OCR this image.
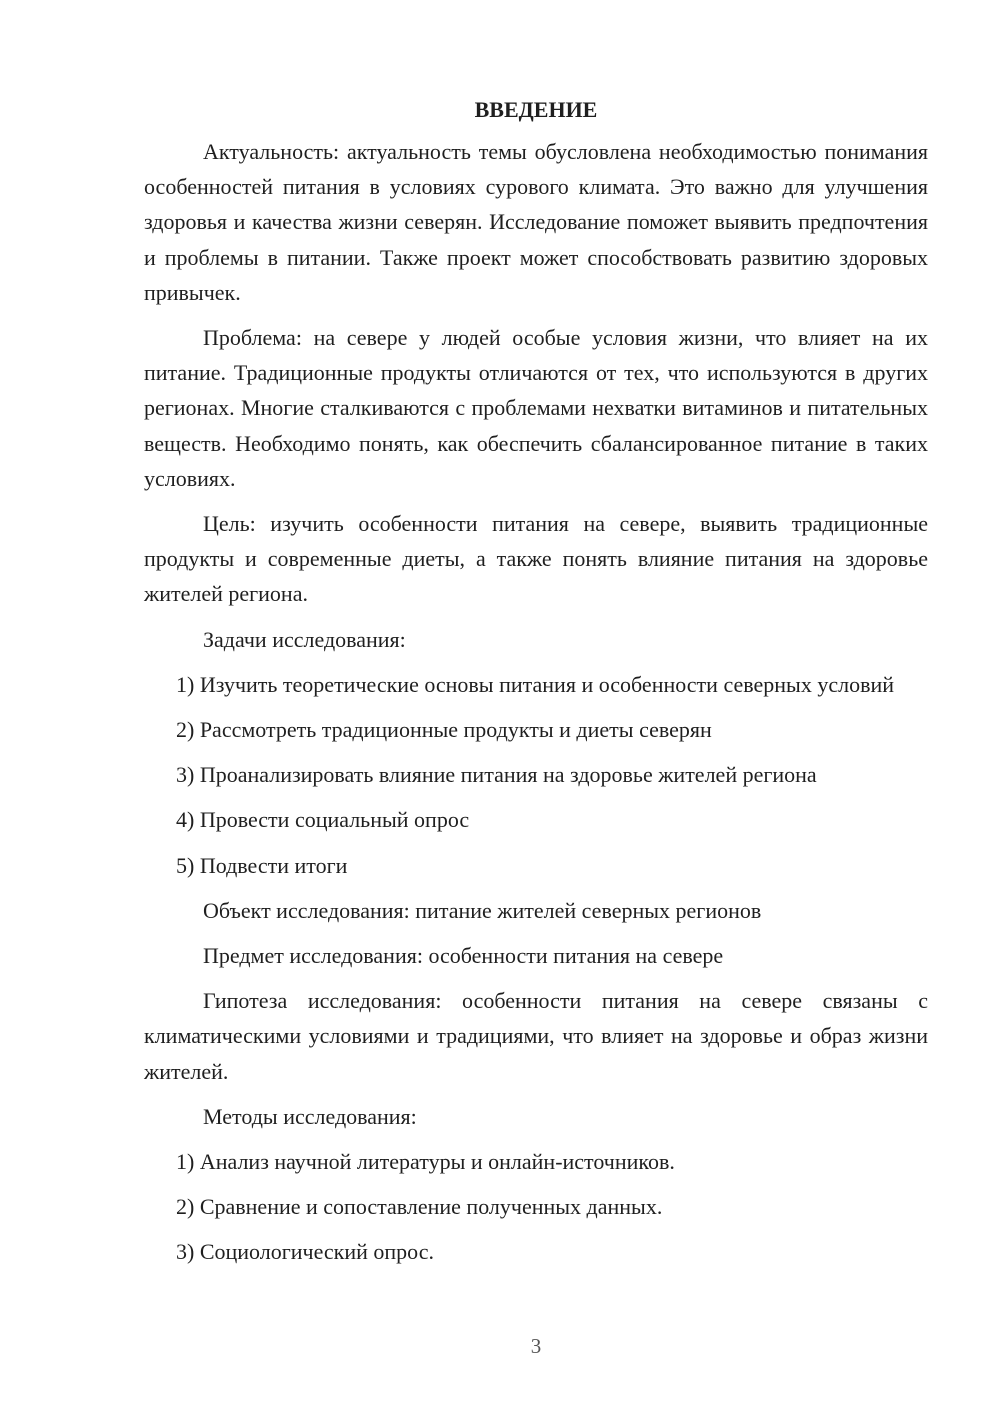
ВВЕДЕНИЕ

Актуальность: актуальность темы обусловлена необходимостью понимания особенностей питания в условиях сурового климата. Это важно для улучшения здоровья и качества жизни северян. Исследование поможет выявить предпочтения и проблемы в питании. Также проект может способствовать развитию здоровых привычек.

Проблема: на севере у людей особые условия жизни, что влияет на их питание. Традиционные продукты отличаются от тех, что используются в других регионах. Многие сталкиваются с проблемами нехватки витаминов и питательных веществ. Необходимо понять, как обеспечить сбалансированное питание в таких условиях.

Цель: изучить особенности питания на севере, выявить традиционные продукты и современные диеты, а также понять влияние питания на здоровье жителей региона.

Задачи исследования:

1) Изучить теоретические основы питания и особенности северных условий

2) Рассмотреть традиционные продукты и диеты северян

3) Проанализировать влияние питания на здоровье жителей региона

4) Провести социальный опрос

5) Подвести итоги

Объект исследования: питание жителей северных регионов

Предмет исследования: особенности питания на севере

Гипотеза исследования: особенности питания на севере связаны с климатическими условиями и традициями, что влияет на здоровье и образ жизни жителей.

Методы исследования:

1) Анализ научной литературы и онлайн-источников.

2) Сравнение и сопоставление полученных данных.

3) Социологический опрос.

3
